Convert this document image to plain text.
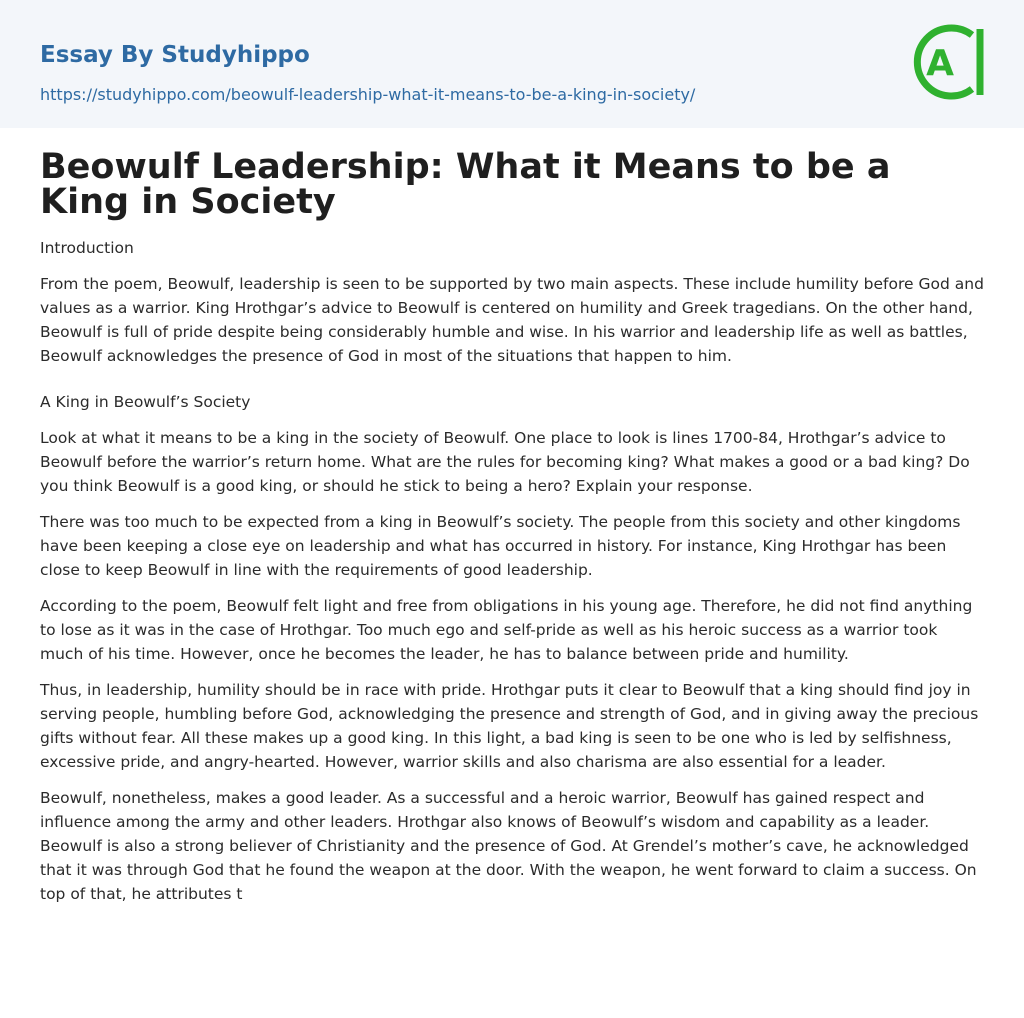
Essay By Studyhippo
https://studyhippo.com/beowulf-leadership-what-it-means-to-be-a-king-in-society/
A
Beowulf Leadership: What it Means to be a King in Society

Introduction

From the poem, Beowulf, leadership is seen to be supported by two main aspects. These include humility before God and values as a warrior. King Hrothgar’s advice to Beowulf is centered on humility and Greek tragedians. On the other hand, Beowulf is full of pride despite being considerably humble and wise. In his warrior and leadership life as well as battles, Beowulf acknowledges the presence of God in most of the situations that happen to him.

A King in Beowulf’s Society

Look at what it means to be a king in the society of Beowulf. One place to look is lines 1700-84, Hrothgar’s advice to Beowulf before the warrior’s return home. What are the rules for becoming king? What makes a good or a bad king? Do you think Beowulf is a good king, or should he stick to being a hero? Explain your response.

There was too much to be expected from a king in Beowulf’s society. The people from this society and other kingdoms have been keeping a close eye on leadership and what has occurred in history. For instance, King Hrothgar has been close to keep Beowulf in line with the requirements of good leadership.

According to the poem, Beowulf felt light and free from obligations in his young age. Therefore, he did not find anything to lose as it was in the case of Hrothgar. Too much ego and self-pride as well as his heroic success as a warrior took much of his time. However, once he becomes the leader, he has to balance between pride and humility.

Thus, in leadership, humility should be in race with pride. Hrothgar puts it clear to Beowulf that a king should find joy in serving people, humbling before God, acknowledging the presence and strength of God, and in giving away the precious gifts without fear. All these makes up a good king. In this light, a bad king is seen to be one who is led by selfishness, excessive pride, and angry-hearted. However, warrior skills and also charisma are also essential for a leader.

Beowulf, nonetheless, makes a good leader. As a successful and a heroic warrior, Beowulf has gained respect and influence among the army and other leaders. Hrothgar also knows of Beowulf’s wisdom and capability as a leader. Beowulf is also a strong believer of Christianity and the presence of God. At Grendel’s mother’s cave, he acknowledged that it was through God that he found the weapon at the door. With the weapon, he went forward to claim a success. On top of that, he attributes t
